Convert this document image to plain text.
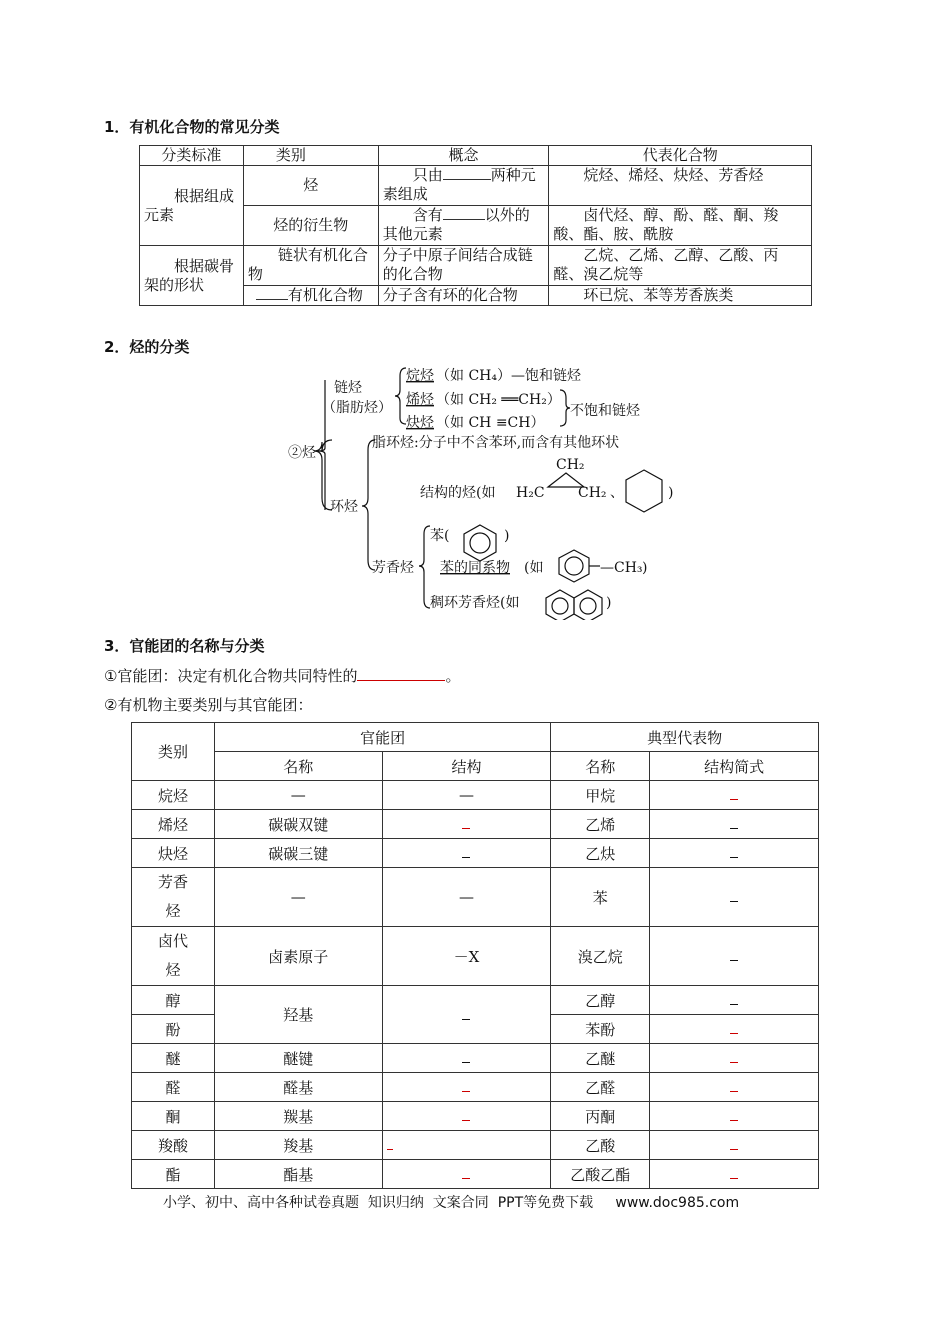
1．有机化合物的常见分类
分类标准	类别	概念	代表化合物
根据组成元素	烃	只由 两种元素组成	烷烃、烯烃、炔烃、芳香烃
	烃的衍生物	含有 以外的其他元素	卤代烃、醇、酚、醛、酮、羧酸、酯、胺、酰胺
根据碳骨架的形状	链状有机化合物	分子中原子间结合成链的化合物	乙烷、乙烯、乙醇、乙酸、丙醛、溴乙烷等
	有机化合物	分子含有环的化合物	环已烷、苯等芳香族类
2．烃的分类
②烃
链烃
（脂肪烃）
烷烃 （如 CH₄）—饱和链烃
烯烃 （如 CH₂ ══CH₂）
炔烃 （如 CH ≡CH）
不饱和链烃
环烃
脂环烃:分子中不含苯环,而含有其他环状
结构的烃(如
CH₂
H₂C CH₂ 、	)
芳香烃
苯(	)
苯的同系物 (如	—CH₃ )
稠环芳香烃(如	)
3．官能团的名称与分类
①官能团：决定有机化合物共同特性的	。
②有机物主要类别与其官能团：
类别	官能团		典型代表物	
	名称	结构	名称	结构简式
烷烃	—	—	甲烷	
烯烃	碳碳双键		乙烯	
炔烃	碳碳三键		乙炔	
芳香
烃	—	—	苯	
卤代
烃	卤素原子	－X	溴乙烷	
醇	羟基		乙醇	
酚			苯酚	
醚	醚键		乙醚	
醛	醛基		乙醛	
酮	羰基		丙酮	
羧酸	羧基		乙酸	
酯	酯基		乙酸乙酯	
小学、初中、高中各种试卷真题  知识归纳  文案合同  PPT等免费下载     www.doc985.com
